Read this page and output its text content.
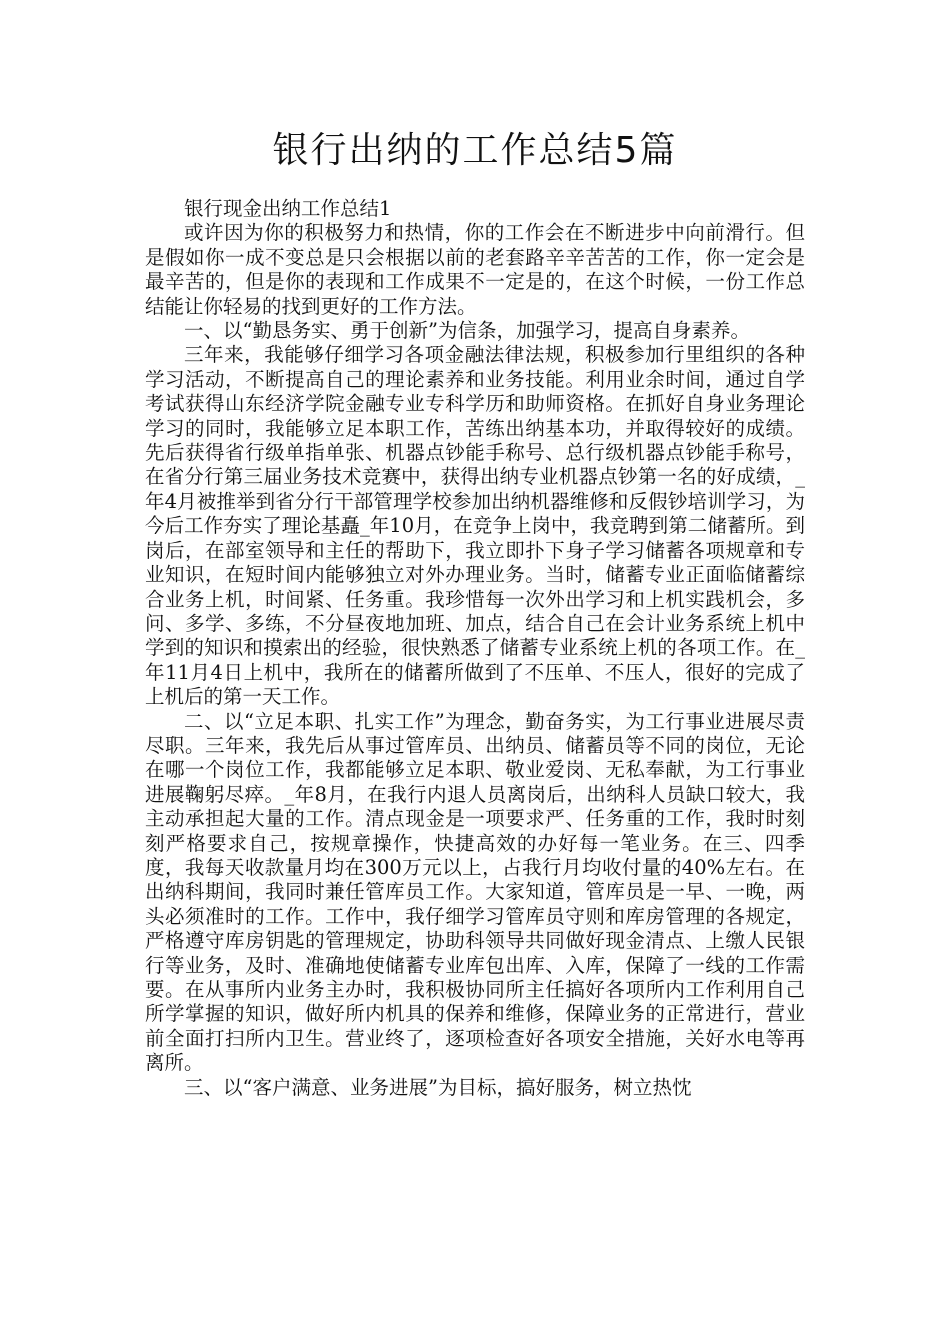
银行出纳的工作总结5篇

银行现金出纳工作总结1

或许因为你的积极努力和热情，你的工作会在不断进步中向前滑行。但是假如你一成不变总是只会根据以前的老套路辛辛苦苦的工作，你一定会是最辛苦的，但是你的表现和工作成果不一定是的，在这个时候，一份工作总结能让你轻易的找到更好的工作方法。

一、以“勤恳务实、勇于创新”为信条，加强学习，提高自身素养。

三年来，我能够仔细学习各项金融法律法规，积极参加行里组织的各种学习活动，不断提高自己的理论素养和业务技能。利用业余时间，通过自学考试获得山东经济学院金融专业专科学历和助师资格。在抓好自身业务理论学习的同时，我能够立足本职工作，苦练出纳基本功，并取得较好的成绩。先后获得省行级单指单张、机器点钞能手称号、总行级机器点钞能手称号，在省分行第三届业务技术竞赛中，获得出纳专业机器点钞第一名的好成绩，_年4月被推举到省分行干部管理学校参加出纳机器维修和反假钞培训学习，为今后工作夯实了理论基矗_年10月，在竞争上岗中，我竞聘到第二储蓄所。到岗后，在部室领导和主任的帮助下，我立即扑下身子学习储蓄各项规章和专业知识，在短时间内能够独立对外办理业务。当时，储蓄专业正面临储蓄综合业务上机，时间紧、任务重。我珍惜每一次外出学习和上机实践机会，多问、多学、多练，不分昼夜地加班、加点，结合自己在会计业务系统上机中学到的知识和摸索出的经验，很快熟悉了储蓄专业系统上机的各项工作。在_年11月4日上机中，我所在的储蓄所做到了不压单、不压人，很好的完成了上机后的第一天工作。

二、以“立足本职、扎实工作”为理念，勤奋务实，为工行事业进展尽责尽职。三年来，我先后从事过管库员、出纳员、储蓄员等不同的岗位，无论在哪一个岗位工作，我都能够立足本职、敬业爱岗、无私奉献，为工行事业进展鞠躬尽瘁。_年8月，在我行内退人员离岗后，出纳科人员缺口较大，我主动承担起大量的工作。清点现金是一项要求严、任务重的工作，我时时刻刻严格要求自己，按规章操作，快捷高效的办好每一笔业务。在三、四季度，我每天收款量月均在300万元以上，占我行月均收付量的40%左右。在出纳科期间，我同时兼任管库员工作。大家知道，管库员是一早、一晚，两头必须准时的工作。工作中，我仔细学习管库员守则和库房管理的各规定，严格遵守库房钥匙的管理规定，协助科领导共同做好现金清点、上缴人民银行等业务，及时、准确地使储蓄专业库包出库、入库，保障了一线的工作需要。在从事所内业务主办时，我积极协同所主任搞好各项所内工作利用自己所学掌握的知识，做好所内机具的保养和维修，保障业务的正常进行，营业前全面打扫所内卫生。营业终了，逐项检查好各项安全措施，关好水电等再离所。

三、以“客户满意、业务进展”为目标，搞好服务，树立热忱
